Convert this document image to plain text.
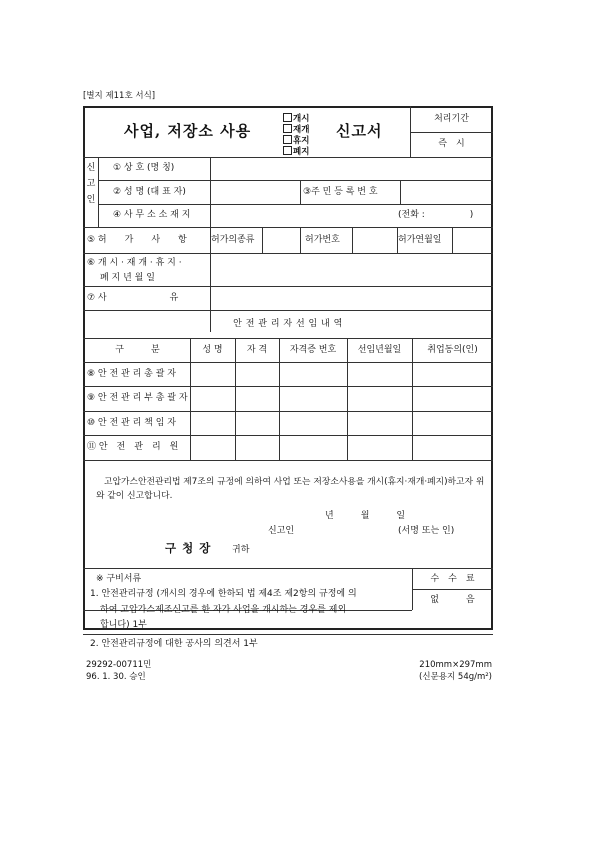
[별지 제11호 서식]
사업, 저장소 사용
개시
재개
휴지
폐지
신고서
처리기간
즉　시
신고인
① 상 호 (명 칭)
② 성 명 (대 표 자)	③주 민 등 록 번 호
④ 사 무 소 소 재 지	(전화 :　　　　　)
⑤ 허　　가　　사　　항	허가의종류	허가번호	허가연월일
⑥ 개 시 · 재 개 · 휴 지 ·
폐 지 년 월 일
⑦ 사　　　　　　　유
안 전 관 리 자 선 임 내 역
구　　　분	성 명	자 격	자격증 번호	선임년월일	취업동의(인)
⑧ 안 전 관 리 총 괄 자
⑨ 안 전 관 리 부 총 괄 자
⑩ 안 전 관 리 책 임 자
⑪ 안　전　관　리　원
고압가스안전관리법 제7조의 규정에 의하여 사업 또는 저장소사용을 개시(휴지·재개·폐지)하고자 위와 같이 신고합니다.
년　　　월　　　일
신고인	(서명 또는 인)
구 청 장 귀하
※ 구비서류
1. 안전관리규정 (개시의 경우에 한하되 법 제4조 제2항의 규정에 의
하여 고압가스제조신고를 한 자가 사업을 개시하는 경우를 제외
합니다) 1부
수　수　료
없　　　음
2. 안전관리규정에 대한 공사의 의견서 1부
29292-00711민
96. 1. 30. 승인
210mm×297mm
(신문용지 54g/m²)
